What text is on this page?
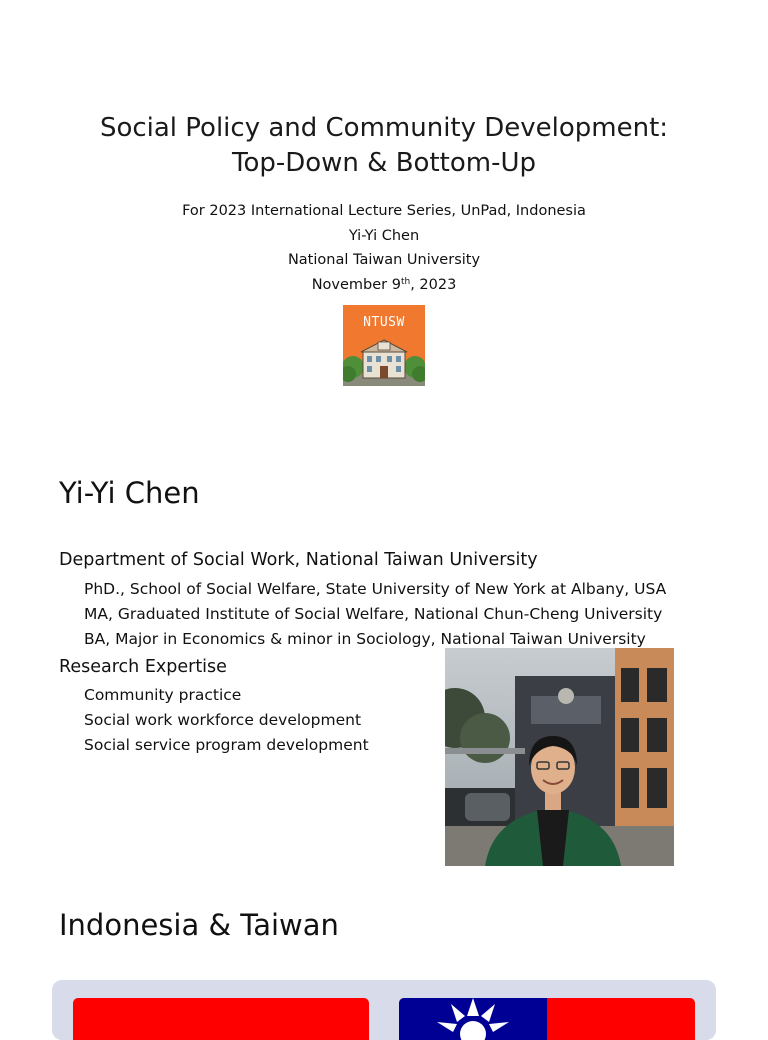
Social Policy and Community Development:
Top-Down & Bottom-Up
For 2023 International Lecture Series, UnPad, Indonesia
Yi-Yi Chen
National Taiwan University
November 9th, 2023
NTUSW
Yi-Yi Chen
Department of Social Work, National Taiwan University
PhD., School of Social Welfare, State University of New York at Albany, USA
MA, Graduated Institute of Social Welfare, National Chun-Cheng University
BA, Major in Economics & minor in Sociology, National Taiwan University
Research Expertise
Community practice
Social work workforce development
Social service program development
Indonesia & Taiwan
